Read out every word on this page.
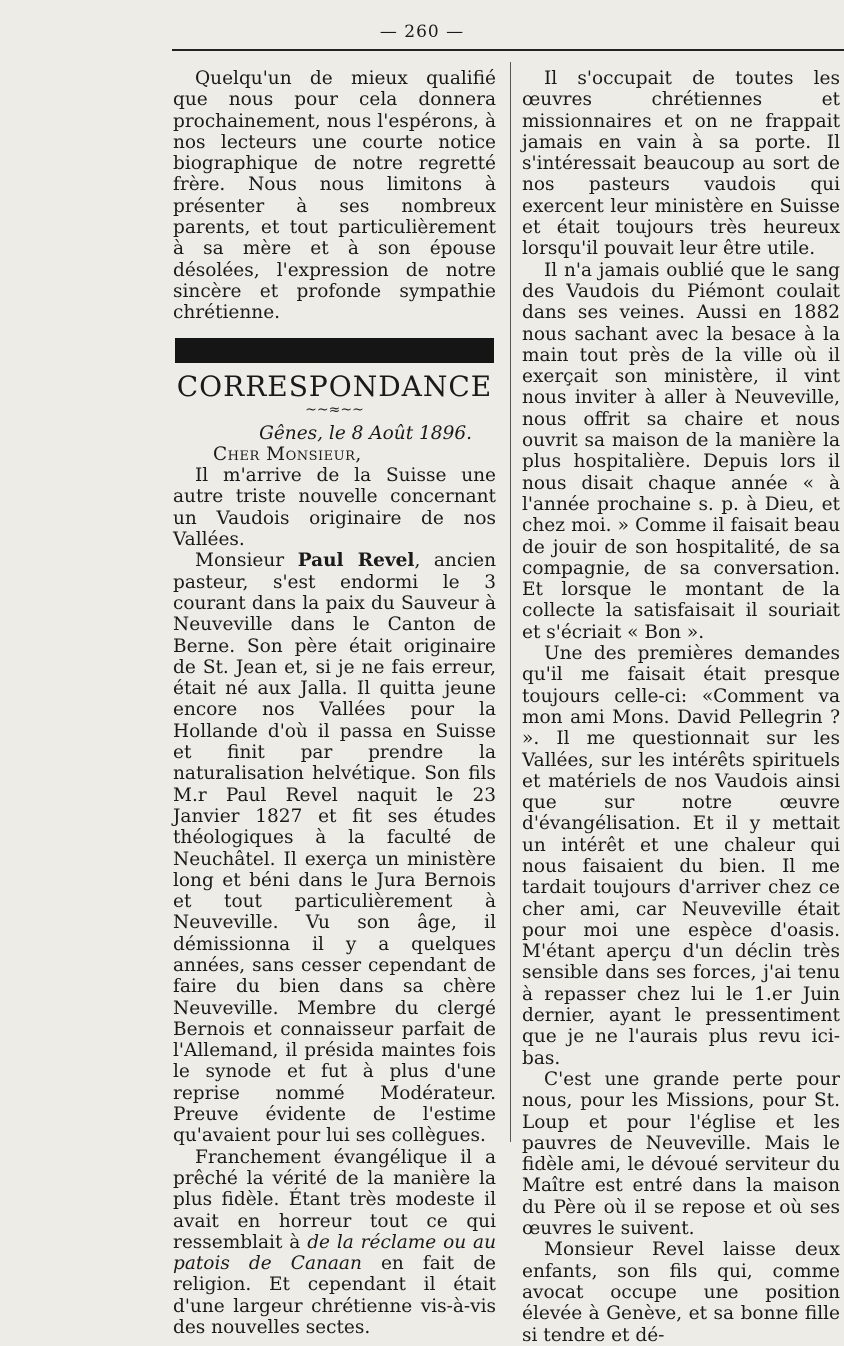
— 260 —

Quelqu'un de mieux qualifié que nous pour cela donnera prochainement, nous l'espérons, à nos lecteurs une courte notice biographique de notre regretté frère. Nous nous limitons à présenter à ses nombreux parents, et tout particulièrement à sa mère et à son épouse désolées, l'expression de notre sincère et profonde sympathie chrétienne.

CORRESPONDANCE
~~≈~~

Gênes, le 8 Août 1896.

Cher Monsieur,

Il m'arrive de la Suisse une autre triste nouvelle concernant un Vaudois originaire de nos Vallées.

Monsieur Paul Revel, ancien pasteur, s'est endormi le 3 courant dans la paix du Sauveur à Neuveville dans le Canton de Berne. Son père était originaire de St. Jean et, si je ne fais erreur, était né aux Jalla. Il quitta jeune encore nos Vallées pour la Hollande d'où il passa en Suisse et finit par prendre la naturalisation helvétique. Son fils M.r Paul Revel naquit le 23 Janvier 1827 et fit ses études théologiques à la faculté de Neuchâtel. Il exerça un ministère long et béni dans le Jura Bernois et tout particulièrement à Neuveville. Vu son âge, il démissionna il y a quelques années, sans cesser cependant de faire du bien dans sa chère Neuveville. Membre du clergé Bernois et connaisseur parfait de l'Allemand, il présida maintes fois le synode et fut à plus d'une reprise nommé Modérateur. Preuve évidente de l'estime qu'avaient pour lui ses collègues.

Franchement évangélique il a prêché la vérité de la manière la plus fidèle. Étant très modeste il avait en horreur tout ce qui ressemblait à de la réclame ou au patois de Canaan en fait de religion. Et cependant il était d'une largeur chrétienne vis-à-vis des nouvelles sectes.

Il s'occupait de toutes les œuvres chrétiennes et missionnaires et on ne frappait jamais en vain à sa porte. Il s'intéressait beaucoup au sort de nos pasteurs vaudois qui exercent leur ministère en Suisse et était toujours très heureux lorsqu'il pouvait leur être utile.

Il n'a jamais oublié que le sang des Vaudois du Piémont coulait dans ses veines. Aussi en 1882 nous sachant avec la besace à la main tout près de la ville où il exerçait son ministère, il vint nous inviter à aller à Neuveville, nous offrit sa chaire et nous ouvrit sa maison de la manière la plus hospitalière. Depuis lors il nous disait chaque année « à l'année prochaine s. p. à Dieu, et chez moi. » Comme il faisait beau de jouir de son hospitalité, de sa compagnie, de sa conversation. Et lorsque le montant de la collecte la satisfaisait il souriait et s'écriait « Bon ».

Une des premières demandes qu'il me faisait était presque toujours celle-ci: «Comment va mon ami Mons. David Pellegrin ? ». Il me questionnait sur les Vallées, sur les intérêts spirituels et matériels de nos Vaudois ainsi que sur notre œuvre d'évangélisation. Et il y mettait un intérêt et une chaleur qui nous faisaient du bien. Il me tardait toujours d'arriver chez ce cher ami, car Neuveville était pour moi une espèce d'oasis. M'étant aperçu d'un déclin très sensible dans ses forces, j'ai tenu à repasser chez lui le 1.er Juin dernier, ayant le pressentiment que je ne l'aurais plus revu ici-bas.

C'est une grande perte pour nous, pour les Missions, pour St. Loup et pour l'église et les pauvres de Neuveville. Mais le fidèle ami, le dévoué serviteur du Maître est entré dans la maison du Père où il se repose et où ses œuvres le suivent.

Monsieur Revel laisse deux enfants, son fils qui, comme avocat occupe une position élevée à Genève, et sa bonne fille si tendre et dé-
